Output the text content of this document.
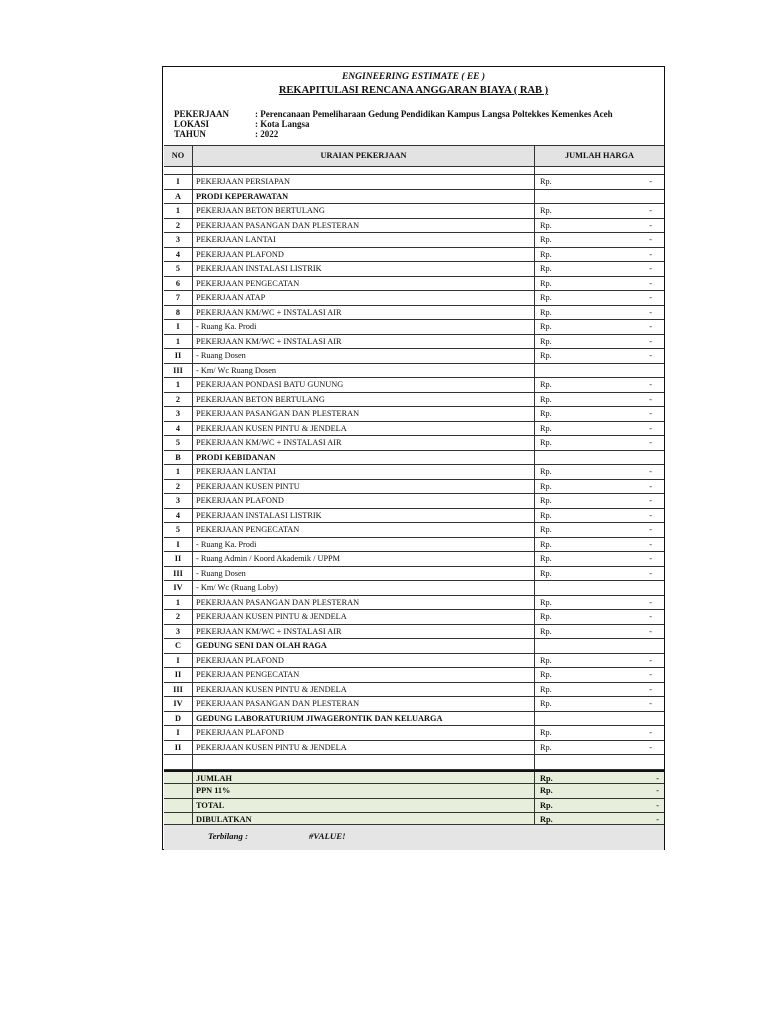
ENGINEERING ESTIMATE ( EE )
REKAPITULASI RENCANA ANGGARAN BIAYA ( RAB )
PEKERJAAN	: Perencanaan Pemeliharaan Gedung Pendidikan Kampus Langsa Poltekkes Kemenkes Aceh
LOKASI	: Kota Langsa
TAHUN	: 2022
NO	URAIAN PEKERJAAN	JUMLAH HARGA
I	PEKERJAAN PERSIAPAN	Rp.	-
A	PRODI KEPERAWATAN
1	PEKERJAAN BETON BERTULANG	Rp.	-
2	PEKERJAAN PASANGAN DAN PLESTERAN	Rp.	-
3	PEKERJAAN LANTAI	Rp.	-
4	PEKERJAAN PLAFOND	Rp.	-
5	PEKERJAAN INSTALASI LISTRIK	Rp.	-
6	PEKERJAAN PENGECATAN	Rp.	-
7	PEKERJAAN ATAP	Rp.	-
8	PEKERJAAN KM/WC + INSTALASI AIR	Rp.	-
I	- Ruang Ka. Prodi	Rp.	-
1	PEKERJAAN KM/WC + INSTALASI AIR	Rp.	-
II	- Ruang Dosen	Rp.	-
III	- Km/ Wc Ruang Dosen
1	PEKERJAAN PONDASI BATU GUNUNG	Rp.	-
2	PEKERJAAN BETON BERTULANG	Rp.	-
3	PEKERJAAN PASANGAN DAN PLESTERAN	Rp.	-
4	PEKERJAAN KUSEN PINTU & JENDELA	Rp.	-
5	PEKERJAAN KM/WC + INSTALASI AIR	Rp.	-
B	PRODI KEBIDANAN
1	PEKERJAAN LANTAI	Rp.	-
2	PEKERJAAN KUSEN PINTU	Rp.	-
3	PEKERJAAN PLAFOND	Rp.	-
4	PEKERJAAN INSTALASI LISTRIK	Rp.	-
5	PEKERJAAN PENGECATAN	Rp.	-
I	- Ruang Ka. Prodi	Rp.	-
II	- Ruang Admin / Koord Akademik / UPPM	Rp.	-
III	- Ruang Dosen	Rp.	-
IV	- Km/ Wc (Ruang Loby)
1	PEKERJAAN PASANGAN DAN PLESTERAN	Rp.	-
2	PEKERJAAN KUSEN PINTU & JENDELA	Rp.	-
3	PEKERJAAN KM/WC + INSTALASI AIR	Rp.	-
C	GEDUNG SENI DAN OLAH RAGA
I	PEKERJAAN PLAFOND	Rp.	-
II	PEKERJAAN PENGECATAN	Rp.	-
III	PEKERJAAN KUSEN PINTU & JENDELA	Rp.	-
IV	PEKERJAAN PASANGAN DAN PLESTERAN	Rp.	-
D	GEDUNG LABORATURIUM JIWAGERONTIK DAN KELUARGA
I	PEKERJAAN PLAFOND	Rp.	-
II	PEKERJAAN KUSEN PINTU & JENDELA	Rp.	-
JUMLAH	Rp.	-
PPN 11%	Rp.	-
TOTAL	Rp.	-
DIBULATKAN	Rp.	-
Terbilang :	#VALUE!
